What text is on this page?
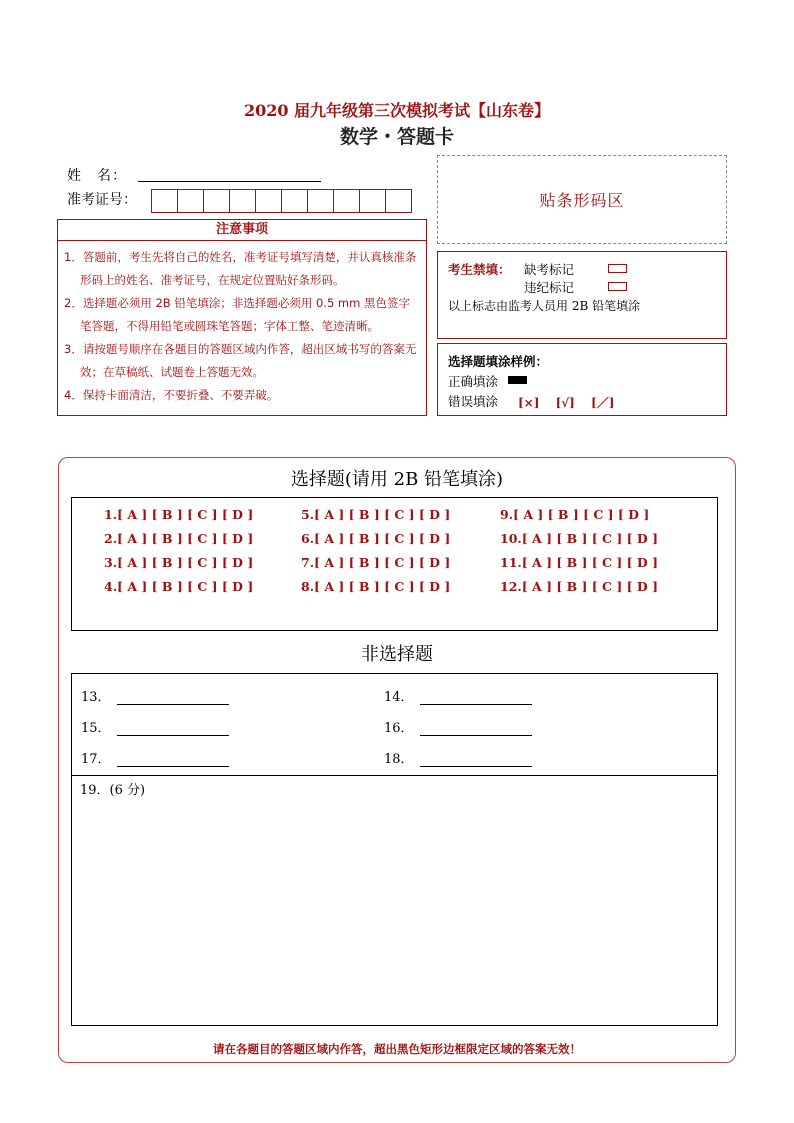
2020 届九年级第三次模拟考试【山东卷】
数学・答题卡
姓　名：
准考证号：	贴条形码区
注意事项

1．答题前，考生先将自己的姓名，准考证号填写清楚，并认真核准条形码上的姓名、准考证号，在规定位置贴好条形码。

2．选择题必须用 2B 铅笔填涂；非选择题必须用 0.5 mm 黑色签字笔答题，不得用铅笔或圆珠笔答题；字体工整、笔迹清晰。

3．请按题号顺序在各题目的答题区域内作答，超出区域书写的答案无效；在草稿纸、试题卷上答题无效。

4．保持卡面清洁，不要折叠、不要弄破。

考生禁填： 缺考标记
违纪标记
以上标志由监考人员用 2B 铅笔填涂
选择题填涂样例：
正确填涂
错误填涂 [×] [√] [／]
选择题(请用 2B 铅笔填涂)
1.[ A ] [ B ] [ C ] [ D ]
2.[ A ] [ B ] [ C ] [ D ]
3.[ A ] [ B ] [ C ] [ D ]
4.[ A ] [ B ] [ C ] [ D ]
5.[ A ] [ B ] [ C ] [ D ]
6.[ A ] [ B ] [ C ] [ D ]
7.[ A ] [ B ] [ C ] [ D ]
8.[ A ] [ B ] [ C ] [ D ]
9.[ A ] [ B ] [ C ] [ D ]
10.[ A ] [ B ] [ C ] [ D ]
11.[ A ] [ B ] [ C ] [ D ]
12.[ A ] [ B ] [ C ] [ D ]
非选择题
13．	14．
15．	16．
17．	18．
19．(6 分)
请在各题目的答题区域内作答，超出黑色矩形边框限定区域的答案无效！
